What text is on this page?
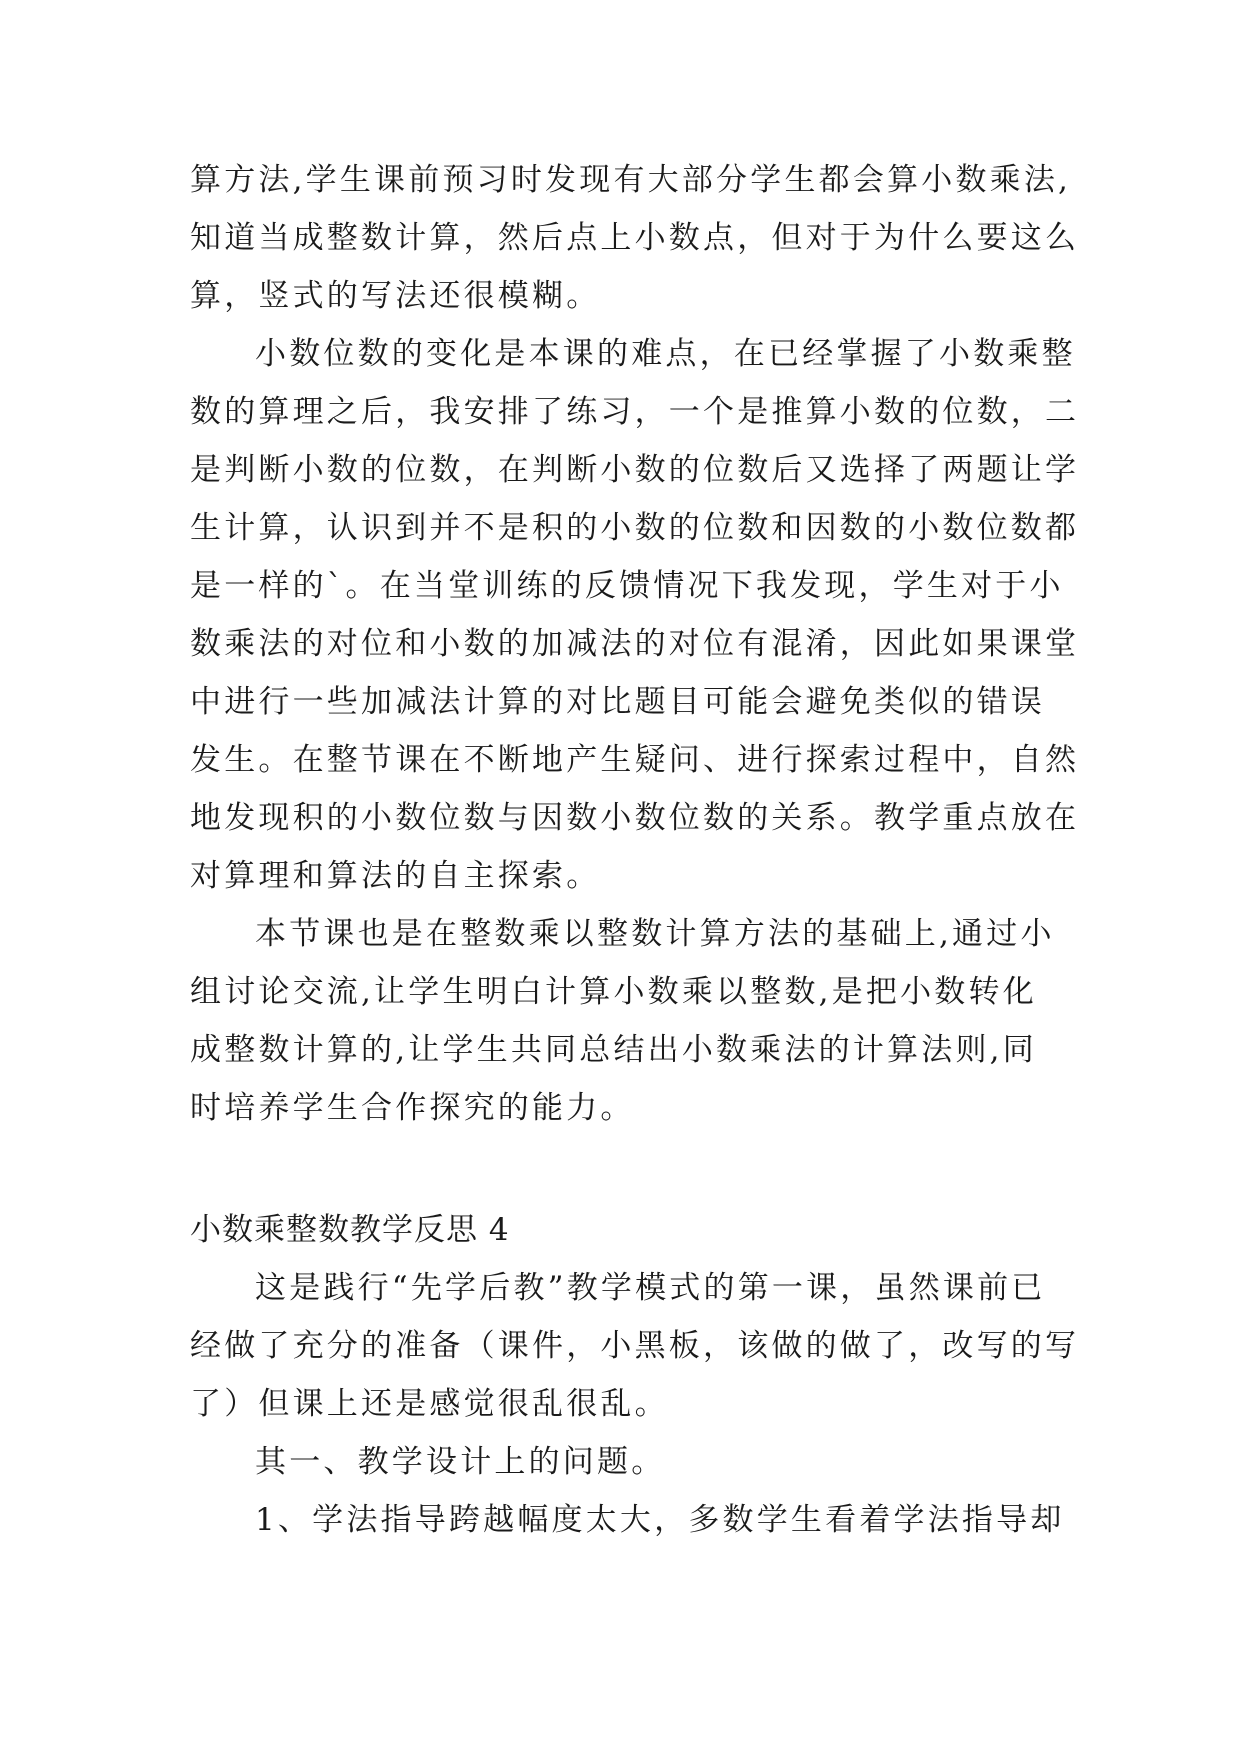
算方法,学生课前预习时发现有大部分学生都会算小数乘法,
知道当成整数计算，然后点上小数点，但对于为什么要这么
算，竖式的写法还很模糊。
小数位数的变化是本课的难点，在已经掌握了小数乘整
数的算理之后，我安排了练习，一个是推算小数的位数，二
是判断小数的位数，在判断小数的位数后又选择了两题让学
生计算，认识到并不是积的小数的位数和因数的小数位数都
是一样的`。在当堂训练的反馈情况下我发现，学生对于小
数乘法的对位和小数的加减法的对位有混淆，因此如果课堂
中进行一些加减法计算的对比题目可能会避免类似的错误
发生。在整节课在不断地产生疑问、进行探索过程中，自然
地发现积的小数位数与因数小数位数的关系。教学重点放在
对算理和算法的自主探索。
本节课也是在整数乘以整数计算方法的基础上,通过小
组讨论交流,让学生明白计算小数乘以整数,是把小数转化
成整数计算的,让学生共同总结出小数乘法的计算法则,同
时培养学生合作探究的能力。
小数乘整数教学反思 4
这是践行“先学后教”教学模式的第一课，虽然课前已
经做了充分的准备（课件，小黑板，该做的做了，改写的写
了）但课上还是感觉很乱很乱。
其一、教学设计上的问题。
1、学法指导跨越幅度太大，多数学生看着学法指导却
